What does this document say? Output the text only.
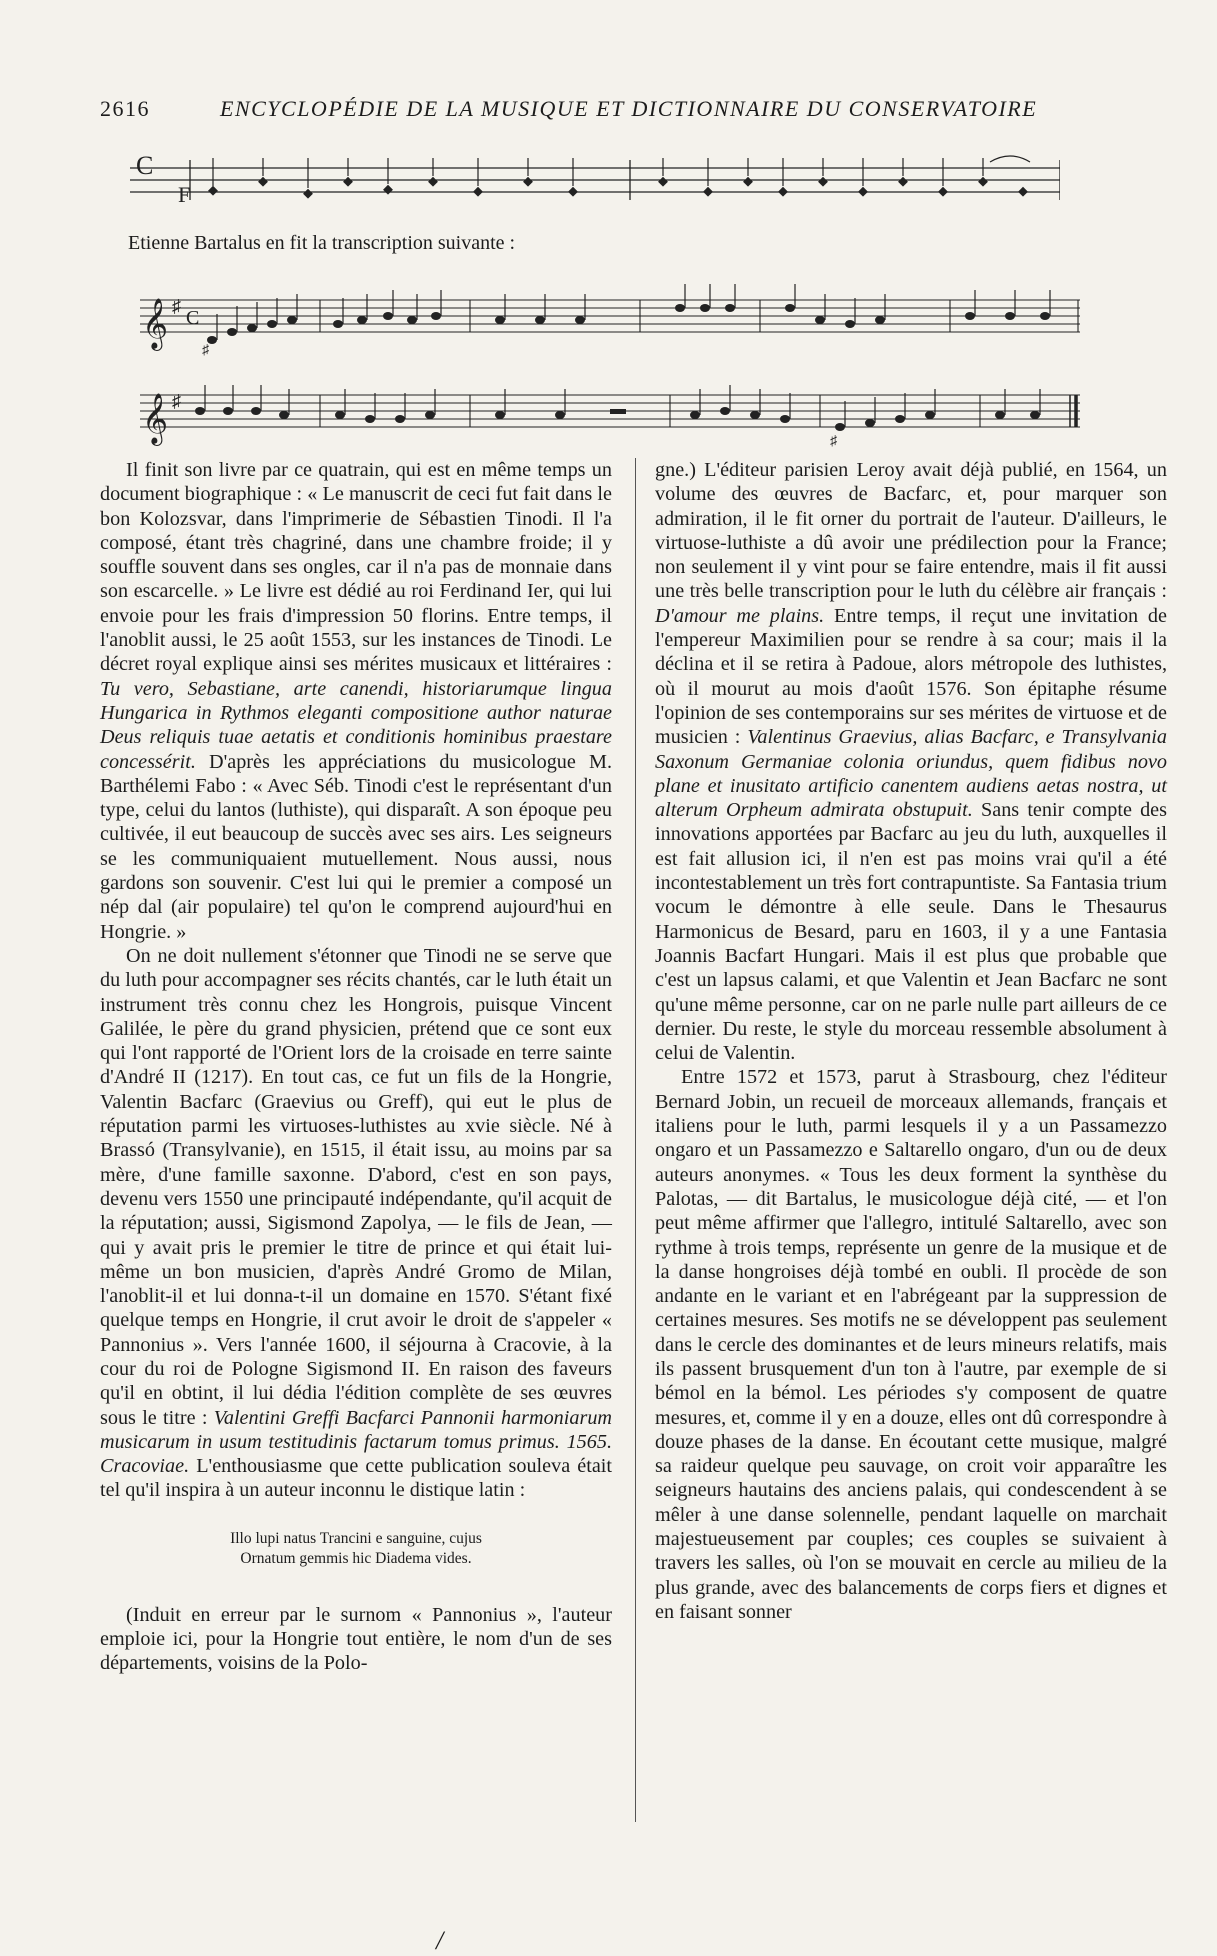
2616	ENCYCLOPÉDIE DE LA MUSIQUE ET DICTIONNAIRE DU CONSERVATOIRE
C
F
Etienne Bartalus en fit la transcription suivante :
𝄞 ♯
C
♯
𝄞 ♯
♯

Il finit son livre par ce quatrain, qui est en même temps un document biographique : « Le manuscrit de ceci fut fait dans le bon Kolozsvar, dans l'imprimerie de Sébastien Tinodi. Il l'a composé, étant très chagriné, dans une chambre froide; il y souffle souvent dans ses ongles, car il n'a pas de monnaie dans son escarcelle. » Le livre est dédié au roi Ferdinand Ier, qui lui envoie pour les frais d'impression 50 florins. Entre temps, il l'anoblit aussi, le 25 août 1553, sur les instances de Tinodi. Le décret royal explique ainsi ses mérites musicaux et littéraires : Tu vero, Sebastiane, arte canendi, historiarumque lingua Hungarica in Rythmos eleganti compositione author naturae Deus reliquis tuae aetatis et conditionis hominibus praestare concessérit. D'après les appréciations du musicologue M. Barthélemi Fabo : « Avec Séb. Tinodi c'est le représentant d'un type, celui du lantos (luthiste), qui disparaît. A son époque peu cultivée, il eut beaucoup de succès avec ses airs. Les seigneurs se les communiquaient mutuellement. Nous aussi, nous gardons son souvenir. C'est lui qui le premier a composé un nép dal (air populaire) tel qu'on le comprend aujourd'hui en Hongrie. »

On ne doit nullement s'étonner que Tinodi ne se serve que du luth pour accompagner ses récits chantés, car le luth était un instrument très connu chez les Hongrois, puisque Vincent Galilée, le père du grand physicien, prétend que ce sont eux qui l'ont rapporté de l'Orient lors de la croisade en terre sainte d'André II (1217). En tout cas, ce fut un fils de la Hongrie, Valentin Bacfarc (Graevius ou Greff), qui eut le plus de réputation parmi les virtuoses-luthistes au xvie siècle. Né à Brassó (Transylvanie), en 1515, il était issu, au moins par sa mère, d'une famille saxonne. D'abord, c'est en son pays, devenu vers 1550 une principauté indépendante, qu'il acquit de la réputation; aussi, Sigismond Zapolya, — le fils de Jean, — qui y avait pris le premier le titre de prince et qui était lui-même un bon musicien, d'après André Gromo de Milan, l'anoblit-il et lui donna-t-il un domaine en 1570. S'étant fixé quelque temps en Hongrie, il crut avoir le droit de s'appeler « Pannonius ». Vers l'année 1600, il séjourna à Cracovie, à la cour du roi de Pologne Sigismond II. En raison des faveurs qu'il en obtint, il lui dédia l'édition complète de ses œuvres sous le titre : Valentini Greffi Bacfarci Pannonii harmoniarum musicarum in usum testitudinis factarum tomus primus. 1565. Cracoviae. L'enthousiasme que cette publication souleva était tel qu'il inspira à un auteur inconnu le distique latin :

Illo lupi natus Trancini e sanguine, cujus
Ornatum gemmis hic Diadema vides.

(Induit en erreur par le surnom « Pannonius », l'auteur emploie ici, pour la Hongrie tout entière, le nom d'un de ses départements, voisins de la Polo-

gne.) L'éditeur parisien Leroy avait déjà publié, en 1564, un volume des œuvres de Bacfarc, et, pour marquer son admiration, il le fit orner du portrait de l'auteur. D'ailleurs, le virtuose-luthiste a dû avoir une prédilection pour la France; non seulement il y vint pour se faire entendre, mais il fit aussi une très belle transcription pour le luth du célèbre air français : D'amour me plains. Entre temps, il reçut une invitation de l'empereur Maximilien pour se rendre à sa cour; mais il la déclina et il se retira à Padoue, alors métropole des luthistes, où il mourut au mois d'août 1576. Son épitaphe résume l'opinion de ses contemporains sur ses mérites de virtuose et de musicien : Valentinus Graevius, alias Bacfarc, e Transylvania Saxonum Germaniae colonia oriundus, quem fidibus novo plane et inusitato artificio canentem audiens aetas nostra, ut alterum Orpheum admirata obstupuit. Sans tenir compte des innovations apportées par Bacfarc au jeu du luth, auxquelles il est fait allusion ici, il n'en est pas moins vrai qu'il a été incontestablement un très fort contrapuntiste. Sa Fantasia trium vocum le démontre à elle seule. Dans le Thesaurus Harmonicus de Besard, paru en 1603, il y a une Fantasia Joannis Bacfart Hungari. Mais il est plus que probable que c'est un lapsus calami, et que Valentin et Jean Bacfarc ne sont qu'une même personne, car on ne parle nulle part ailleurs de ce dernier. Du reste, le style du morceau ressemble absolument à celui de Valentin.

Entre 1572 et 1573, parut à Strasbourg, chez l'éditeur Bernard Jobin, un recueil de morceaux allemands, français et italiens pour le luth, parmi lesquels il y a un Passamezzo ongaro et un Passamezzo e Saltarello ongaro, d'un ou de deux auteurs anonymes. « Tous les deux forment la synthèse du Palotas, — dit Bartalus, le musicologue déjà cité, — et l'on peut même affirmer que l'allegro, intitulé Saltarello, avec son rythme à trois temps, représente un genre de la musique et de la danse hongroises déjà tombé en oubli. Il procède de son andante en le variant et en l'abrégeant par la suppression de certaines mesures. Ses motifs ne se développent pas seulement dans le cercle des dominantes et de leurs mineurs relatifs, mais ils passent brusquement d'un ton à l'autre, par exemple de si bémol en la bémol. Les périodes s'y composent de quatre mesures, et, comme il y en a douze, elles ont dû correspondre à douze phases de la danse. En écoutant cette musique, malgré sa raideur quelque peu sauvage, on croit voir apparaître les seigneurs hautains des anciens palais, qui condescendent à se mêler à une danse solennelle, pendant laquelle on marchait majestueusement par couples; ces couples se suivaient à travers les salles, où l'on se mouvait en cercle au milieu de la plus grande, avec des balancements de corps fiers et dignes et en faisant sonner

/
